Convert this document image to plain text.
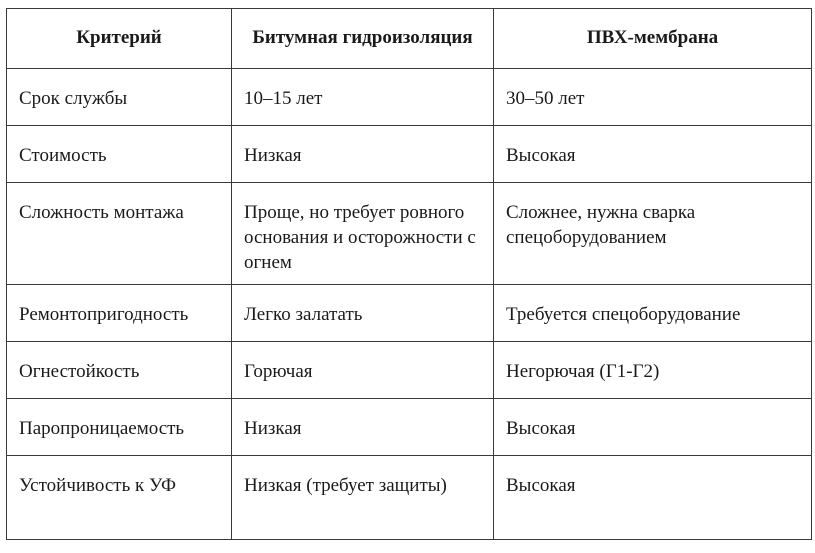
Критерий	Битумная гидроизоляция	ПВХ-мембрана
Срок службы	10–15 лет	30–50 лет
Стоимость	Низкая	Высокая
Сложность монтажа	Проще, но требует ровного основания и осторожности с огнем	Сложнее, нужна сварка спецоборудованием
Ремонтопригодность	Легко залатать	Требуется спецоборудование
Огнестойкость	Горючая	Негорючая (Г1-Г2)
Паропроницаемость	Низкая	Высокая
Устойчивость к УФ	Низкая (требует защиты)	Высокая
